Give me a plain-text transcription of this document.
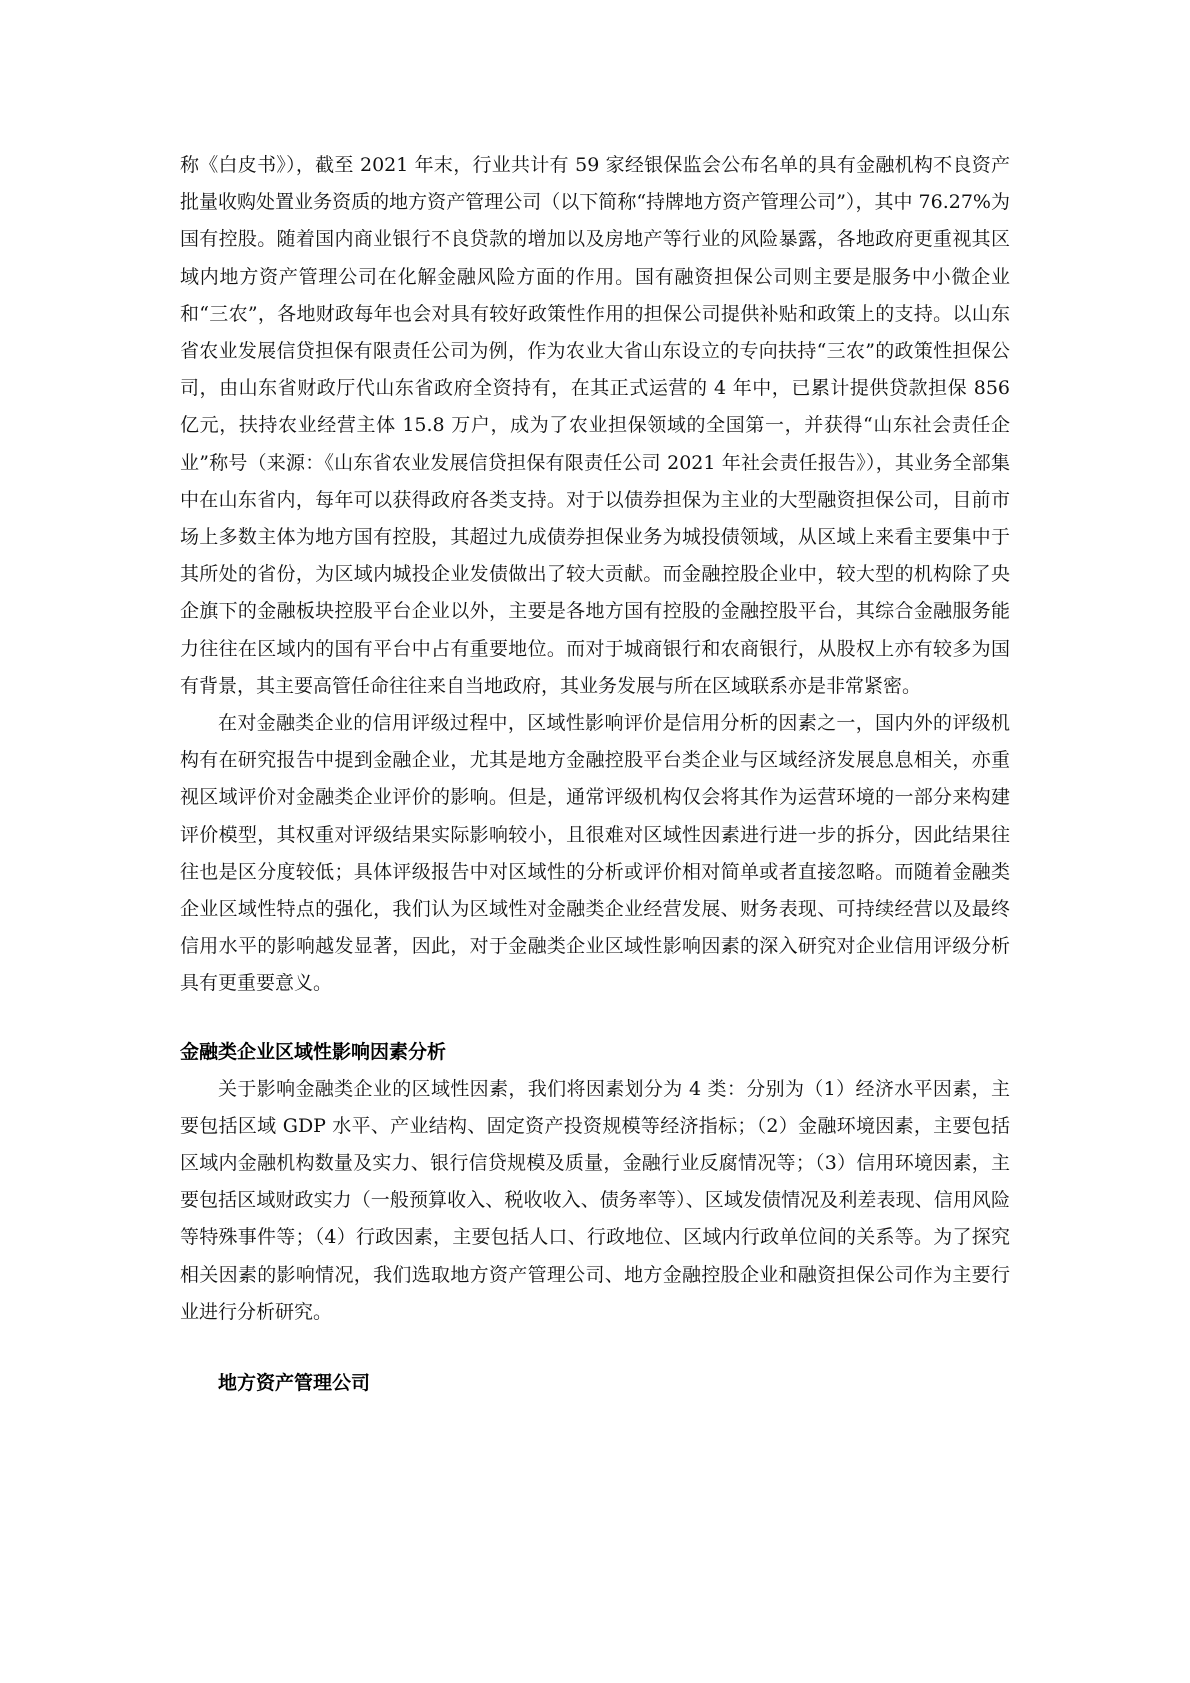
称《白皮书》），截至 2021 年末，行业共计有 59 家经银保监会公布名单的具有金融机构不良资产批量收购处置业务资质的地方资产管理公司（以下简称“持牌地方资产管理公司”），其中 76.27%为国有控股。随着国内商业银行不良贷款的增加以及房地产等行业的风险暴露，各地政府更重视其区域内地方资产管理公司在化解金融风险方面的作用。国有融资担保公司则主要是服务中小微企业和“三农”，各地财政每年也会对具有较好政策性作用的担保公司提供补贴和政策上的支持。以山东省农业发展信贷担保有限责任公司为例，作为农业大省山东设立的专向扶持“三农”的政策性担保公司，由山东省财政厅代山东省政府全资持有，在其正式运营的 4 年中，已累计提供贷款担保 856 亿元，扶持农业经营主体 15.8 万户，成为了农业担保领域的全国第一，并获得“山东社会责任企业”称号（来源：《山东省农业发展信贷担保有限责任公司 2021 年社会责任报告》），其业务全部集中在山东省内，每年可以获得政府各类支持。对于以债券担保为主业的大型融资担保公司，目前市场上多数主体为地方国有控股，其超过九成债券担保业务为城投债领域，从区域上来看主要集中于其所处的省份，为区域内城投企业发债做出了较大贡献。而金融控股企业中，较大型的机构除了央企旗下的金融板块控股平台企业以外，主要是各地方国有控股的金融控股平台，其综合金融服务能力往往在区域内的国有平台中占有重要地位。而对于城商银行和农商银行，从股权上亦有较多为国有背景，其主要高管任命往往来自当地政府，其业务发展与所在区域联系亦是非常紧密。

在对金融类企业的信用评级过程中，区域性影响评价是信用分析的因素之一，国内外的评级机构有在研究报告中提到金融企业，尤其是地方金融控股平台类企业与区域经济发展息息相关，亦重视区域评价对金融类企业评价的影响。但是，通常评级机构仅会将其作为运营环境的一部分来构建评价模型，其权重对评级结果实际影响较小，且很难对区域性因素进行进一步的拆分，因此结果往往也是区分度较低；具体评级报告中对区域性的分析或评价相对简单或者直接忽略。而随着金融类企业区域性特点的强化，我们认为区域性对金融类企业经营发展、财务表现、可持续经营以及最终信用水平的影响越发显著，因此，对于金融类企业区域性影响因素的深入研究对企业信用评级分析具有更重要意义。

金融类企业区域性影响因素分析

关于影响金融类企业的区域性因素，我们将因素划分为 4 类：分别为（1）经济水平因素，主要包括区域 GDP 水平、产业结构、固定资产投资规模等经济指标；（2）金融环境因素，主要包括区域内金融机构数量及实力、银行信贷规模及质量，金融行业反腐情况等；（3）信用环境因素，主要包括区域财政实力（一般预算收入、税收收入、债务率等）、区域发债情况及利差表现、信用风险等特殊事件等；（4）行政因素，主要包括人口、行政地位、区域内行政单位间的关系等。为了探究相关因素的影响情况，我们选取地方资产管理公司、地方金融控股企业和融资担保公司作为主要行业进行分析研究。

地方资产管理公司
